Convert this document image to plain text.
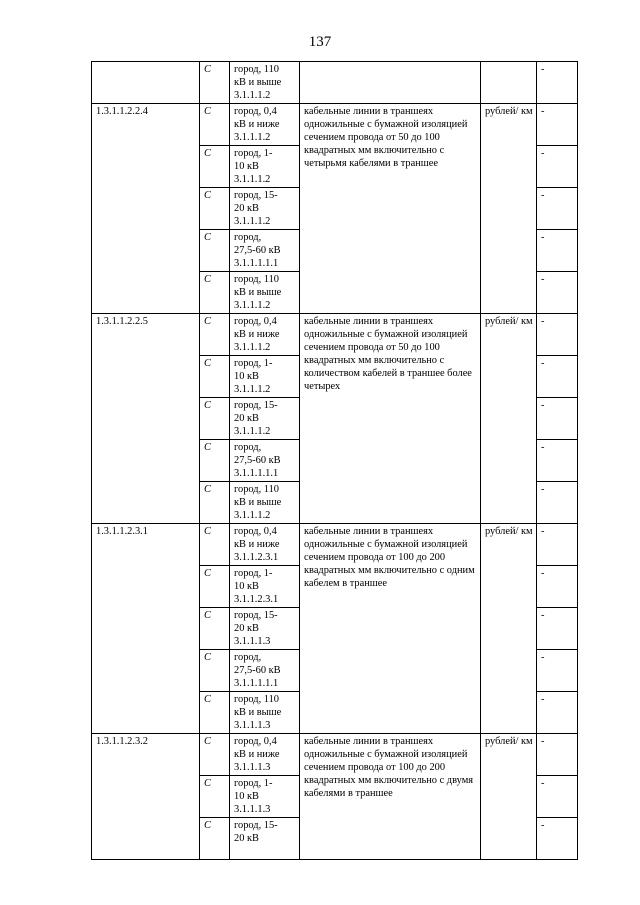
137
	C	город, 110
кВ и выше
3.1.1.1.2			-
1.3.1.1.2.2.4	C	город, 0,4
кВ и ниже
3.1.1.1.2	кабельные линии в траншеях одножильные с бумажной изоляцией сечением провода от 50 до 100 квадратных мм включительно с четырьмя кабелями в траншее	рублей/ км	-
	C	город, 1-
10 кВ
3.1.1.1.2			-
	C	город, 15-
20 кВ
3.1.1.1.2			-
	C	город,
27,5-60 кВ
3.1.1.1.1.1			-
	C	город, 110
кВ и выше
3.1.1.1.2			-
1.3.1.1.2.2.5	C	город, 0,4
кВ и ниже
3.1.1.1.2	кабельные линии в траншеях одножильные с бумажной изоляцией сечением провода от 50 до 100 квадратных мм включительно с количеством кабелей в траншее более четырех	рублей/ км	-
	C	город, 1-
10 кВ
3.1.1.1.2			-
	C	город, 15-
20 кВ
3.1.1.1.2			-
	C	город,
27,5-60 кВ
3.1.1.1.1.1			-
	C	город, 110
кВ и выше
3.1.1.1.2			-
1.3.1.1.2.3.1	C	город, 0,4
кВ и ниже
3.1.1.2.3.1	кабельные линии в траншеях одножильные с бумажной изоляцией сечением провода от 100 до 200 квадратных мм включительно с одним кабелем в траншее	рублей/ км	-
	C	город, 1-
10 кВ
3.1.1.2.3.1			-
	C	город, 15-
20 кВ
3.1.1.1.3			-
	C	город,
27,5-60 кВ
3.1.1.1.1.1			-
	C	город, 110
кВ и выше
3.1.1.1.3			-
1.3.1.1.2.3.2	C	город, 0,4
кВ и ниже
3.1.1.1.3	кабельные линии в траншеях одножильные с бумажной изоляцией сечением провода от 100 до 200 квадратных мм включительно с двумя кабелями в траншее	рублей/ км	-
	C	город, 1-
10 кВ
3.1.1.1.3			-
	C	город, 15-
20 кВ			-
